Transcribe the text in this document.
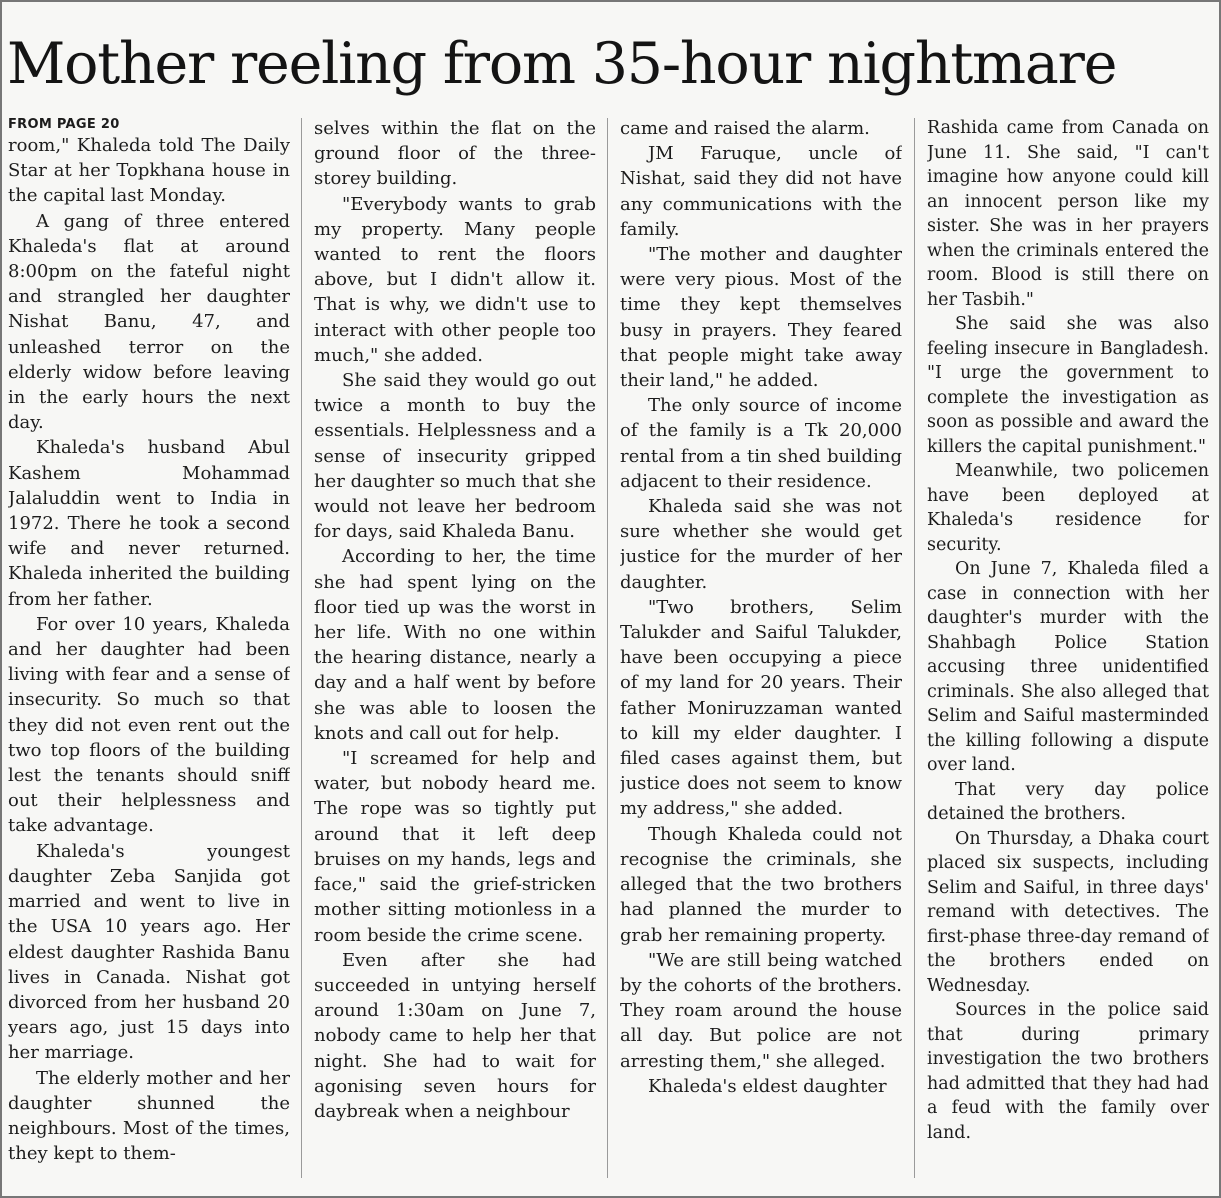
Mother reeling from 35-hour nightmare
FROM PAGE 20

room," Khaleda told The Daily Star at her Topkhana house in the capital last Monday.

A gang of three entered Khaleda's flat at around 8:00pm on the fateful night and strangled her daughter Nishat Banu, 47, and unleashed terror on the elderly widow before leaving in the early hours the next day.

Khaleda's husband Abul Kashem Mohammad Jalaluddin went to India in 1972. There he took a second wife and never returned. Khaleda inherited the building from her father.

For over 10 years, Khaleda and her daughter had been living with fear and a sense of insecurity. So much so that they did not even rent out the two top floors of the building lest the tenants should sniff out their helplessness and take advantage.

Khaleda's youngest daughter Zeba Sanjida got married and went to live in the USA 10 years ago. Her eldest daughter Rashida Banu lives in Canada. Nishat got divorced from her husband 20 years ago, just 15 days into her marriage.

The elderly mother and her daughter shunned the neighbours. Most of the times, they kept to them-

selves within the flat on the ground floor of the three-storey building.

"Everybody wants to grab my property. Many people wanted to rent the floors above, but I didn't allow it. That is why, we didn't use to interact with other people too much," she added.

She said they would go out twice a month to buy the essentials. Helplessness and a sense of insecurity gripped her daughter so much that she would not leave her bedroom for days, said Khaleda Banu.

According to her, the time she had spent lying on the floor tied up was the worst in her life. With no one within the hearing distance, nearly a day and a half went by before she was able to loosen the knots and call out for help.

"I screamed for help and water, but nobody heard me. The rope was so tightly put around that it left deep bruises on my hands, legs and face," said the grief-stricken mother sitting motionless in a room beside the crime scene.

Even after she had succeeded in untying herself around 1:30am on June 7, nobody came to help her that night. She had to wait for agonising seven hours for daybreak when a neighbour

came and raised the alarm.

JM Faruque, uncle of Nishat, said they did not have any communications with the family.

"The mother and daughter were very pious. Most of the time they kept themselves busy in prayers. They feared that people might take away their land," he added.

The only source of income of the family is a Tk 20,000 rental from a tin shed building adjacent to their residence.

Khaleda said she was not sure whether she would get justice for the murder of her daughter.

"Two brothers, Selim Talukder and Saiful Talukder, have been occupying a piece of my land for 20 years. Their father Moniruzzaman wanted to kill my elder daughter. I filed cases against them, but justice does not seem to know my address," she added.

Though Khaleda could not recognise the criminals, she alleged that the two brothers had planned the murder to grab her remaining property.

"We are still being watched by the cohorts of the brothers. They roam around the house all day. But police are not arresting them," she alleged.

Khaleda's eldest daughter

Rashida came from Canada on June 11. She said, "I can't imagine how anyone could kill an innocent person like my sister. She was in her prayers when the criminals entered the room. Blood is still there on her Tasbih."

She said she was also feeling insecure in Bangladesh. "I urge the government to complete the investigation as soon as possible and award the killers the capital punishment."

Meanwhile, two policemen have been deployed at Khaleda's residence for security.

On June 7, Khaleda filed a case in connection with her daughter's murder with the Shahbagh Police Station accusing three unidentified criminals. She also alleged that Selim and Saiful masterminded the killing following a dispute over land.

That very day police detained the brothers.

On Thursday, a Dhaka court placed six suspects, including Selim and Saiful, in three days' remand with detectives. The first-phase three-day remand of the brothers ended on Wednesday.

Sources in the police said that during primary investigation the two brothers had admitted that they had had a feud with the family over land.
